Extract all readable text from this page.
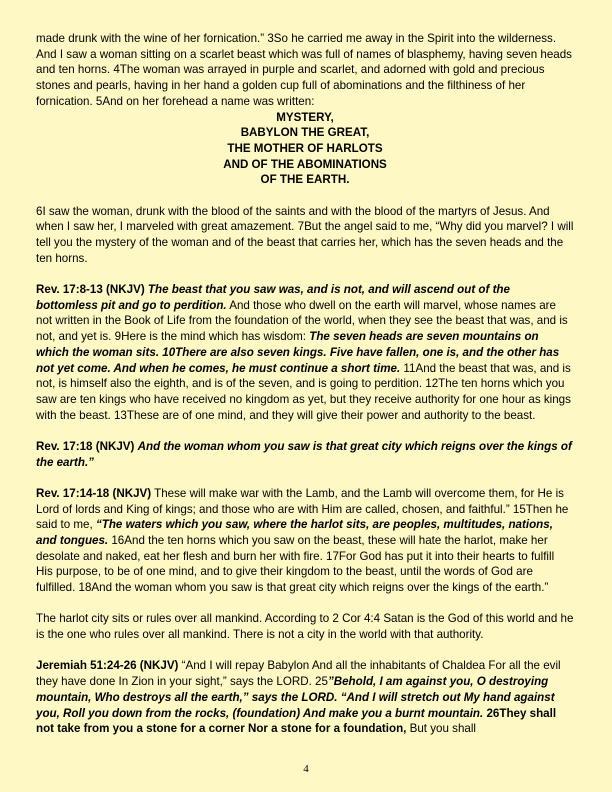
made drunk with the wine of her fornication.” 3So he carried me away in the Spirit into the wilderness. And I saw a woman sitting on a scarlet beast which was full of names of blasphemy, having seven heads and ten horns. 4The woman was arrayed in purple and scarlet, and adorned with gold and precious stones and pearls, having in her hand a golden cup full of abominations and the filthiness of her fornication. 5And on her forehead a name was written:

MYSTERY,
BABYLON THE GREAT,
THE MOTHER OF HARLOTS
AND OF THE ABOMINATIONS
OF THE EARTH.

6I saw the woman, drunk with the blood of the saints and with the blood of the martyrs of Jesus. And when I saw her, I marveled with great amazement. 7But the angel said to me, “Why did you marvel? I will tell you the mystery of the woman and of the beast that carries her, which has the seven heads and the ten horns.

Rev. 17:8-13 (NKJV) The beast that you saw was, and is not, and will ascend out of the bottomless pit and go to perdition. And those who dwell on the earth will marvel, whose names are not written in the Book of Life from the foundation of the world, when they see the beast that was, and is not, and yet is. 9Here is the mind which has wisdom: The seven heads are seven mountains on which the woman sits. 10There are also seven kings. Five have fallen, one is, and the other has not yet come. And when he comes, he must continue a short time. 11And the beast that was, and is not, is himself also the eighth, and is of the seven, and is going to perdition. 12The ten horns which you saw are ten kings who have received no kingdom as yet, but they receive authority for one hour as kings with the beast. 13These are of one mind, and they will give their power and authority to the beast.

Rev. 17:18 (NKJV) And the woman whom you saw is that great city which reigns over the kings of the earth.”

Rev. 17:14-18 (NKJV) These will make war with the Lamb, and the Lamb will overcome them, for He is Lord of lords and King of kings; and those who are with Him are called, chosen, and faithful.” 15Then he said to me, “The waters which you saw, where the harlot sits, are peoples, multitudes, nations, and tongues. 16And the ten horns which you saw on the beast, these will hate the harlot, make her desolate and naked, eat her flesh and burn her with fire. 17For God has put it into their hearts to fulfill His purpose, to be of one mind, and to give their kingdom to the beast, until the words of God are fulfilled. 18And the woman whom you saw is that great city which reigns over the kings of the earth.”

The harlot city sits or rules over all mankind. According to 2 Cor 4:4 Satan is the God of this world and he is the one who rules over all mankind. There is not a city in the world with that authority.

Jeremiah 51:24-26 (NKJV) “And I will repay Babylon And all the inhabitants of Chaldea For all the evil they have done In Zion in your sight,” says the LORD. 25”Behold, I am against you, O destroying mountain, Who destroys all the earth,” says the LORD. “And I will stretch out My hand against you, Roll you down from the rocks, (foundation) And make you a burnt mountain. 26They shall not take from you a stone for a corner Nor a stone for a foundation, But you shall

4
